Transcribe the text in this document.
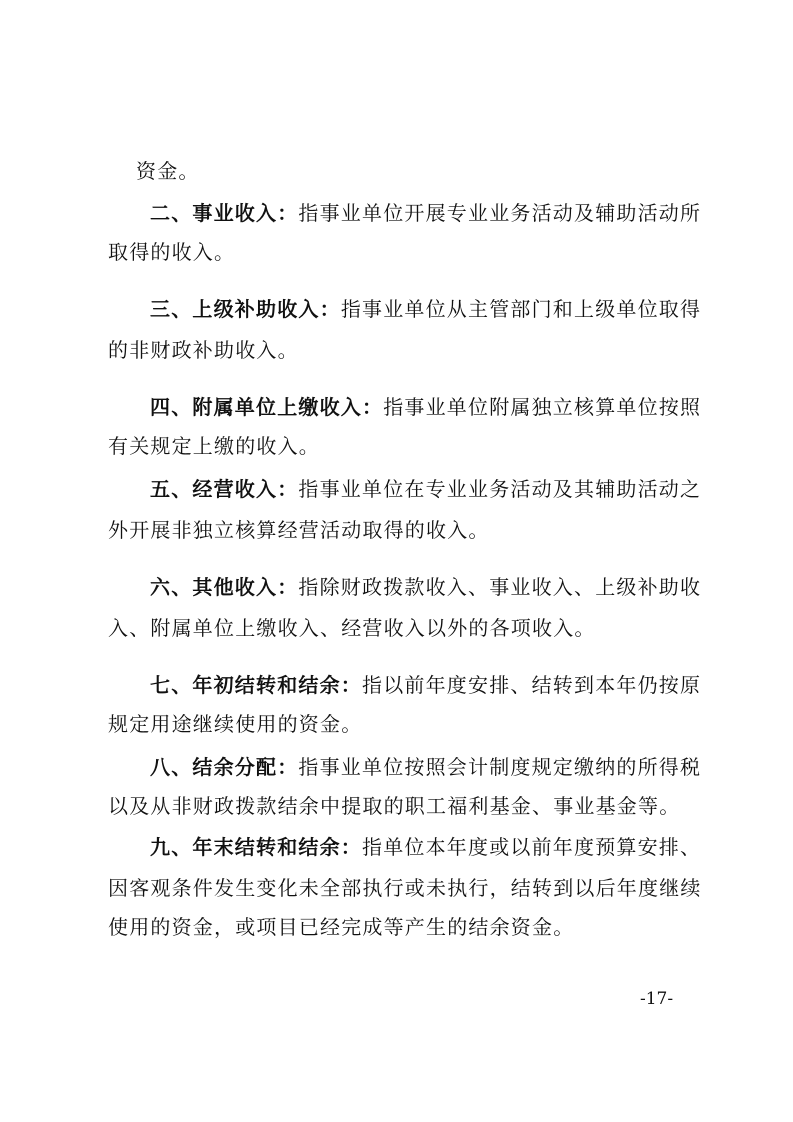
资金。
二、事业收入：指事业单位开展专业业务活动及辅助活动所
取得的收入。
三、上级补助收入：指事业单位从主管部门和上级单位取得
的非财政补助收入。
四、附属单位上缴收入：指事业单位附属独立核算单位按照
有关规定上缴的收入。
五、经营收入：指事业单位在专业业务活动及其辅助活动之
外开展非独立核算经营活动取得的收入。
六、其他收入：指除财政拨款收入、事业收入、上级补助收
入、附属单位上缴收入、经营收入以外的各项收入。
七、年初结转和结余：指以前年度安排、结转到本年仍按原
规定用途继续使用的资金。
八、结余分配：指事业单位按照会计制度规定缴纳的所得税
以及从非财政拨款结余中提取的职工福利基金、事业基金等。
九、年末结转和结余：指单位本年度或以前年度预算安排、
因客观条件发生变化未全部执行或未执行，结转到以后年度继续
使用的资金，或项目已经完成等产生的结余资金。
-17-
